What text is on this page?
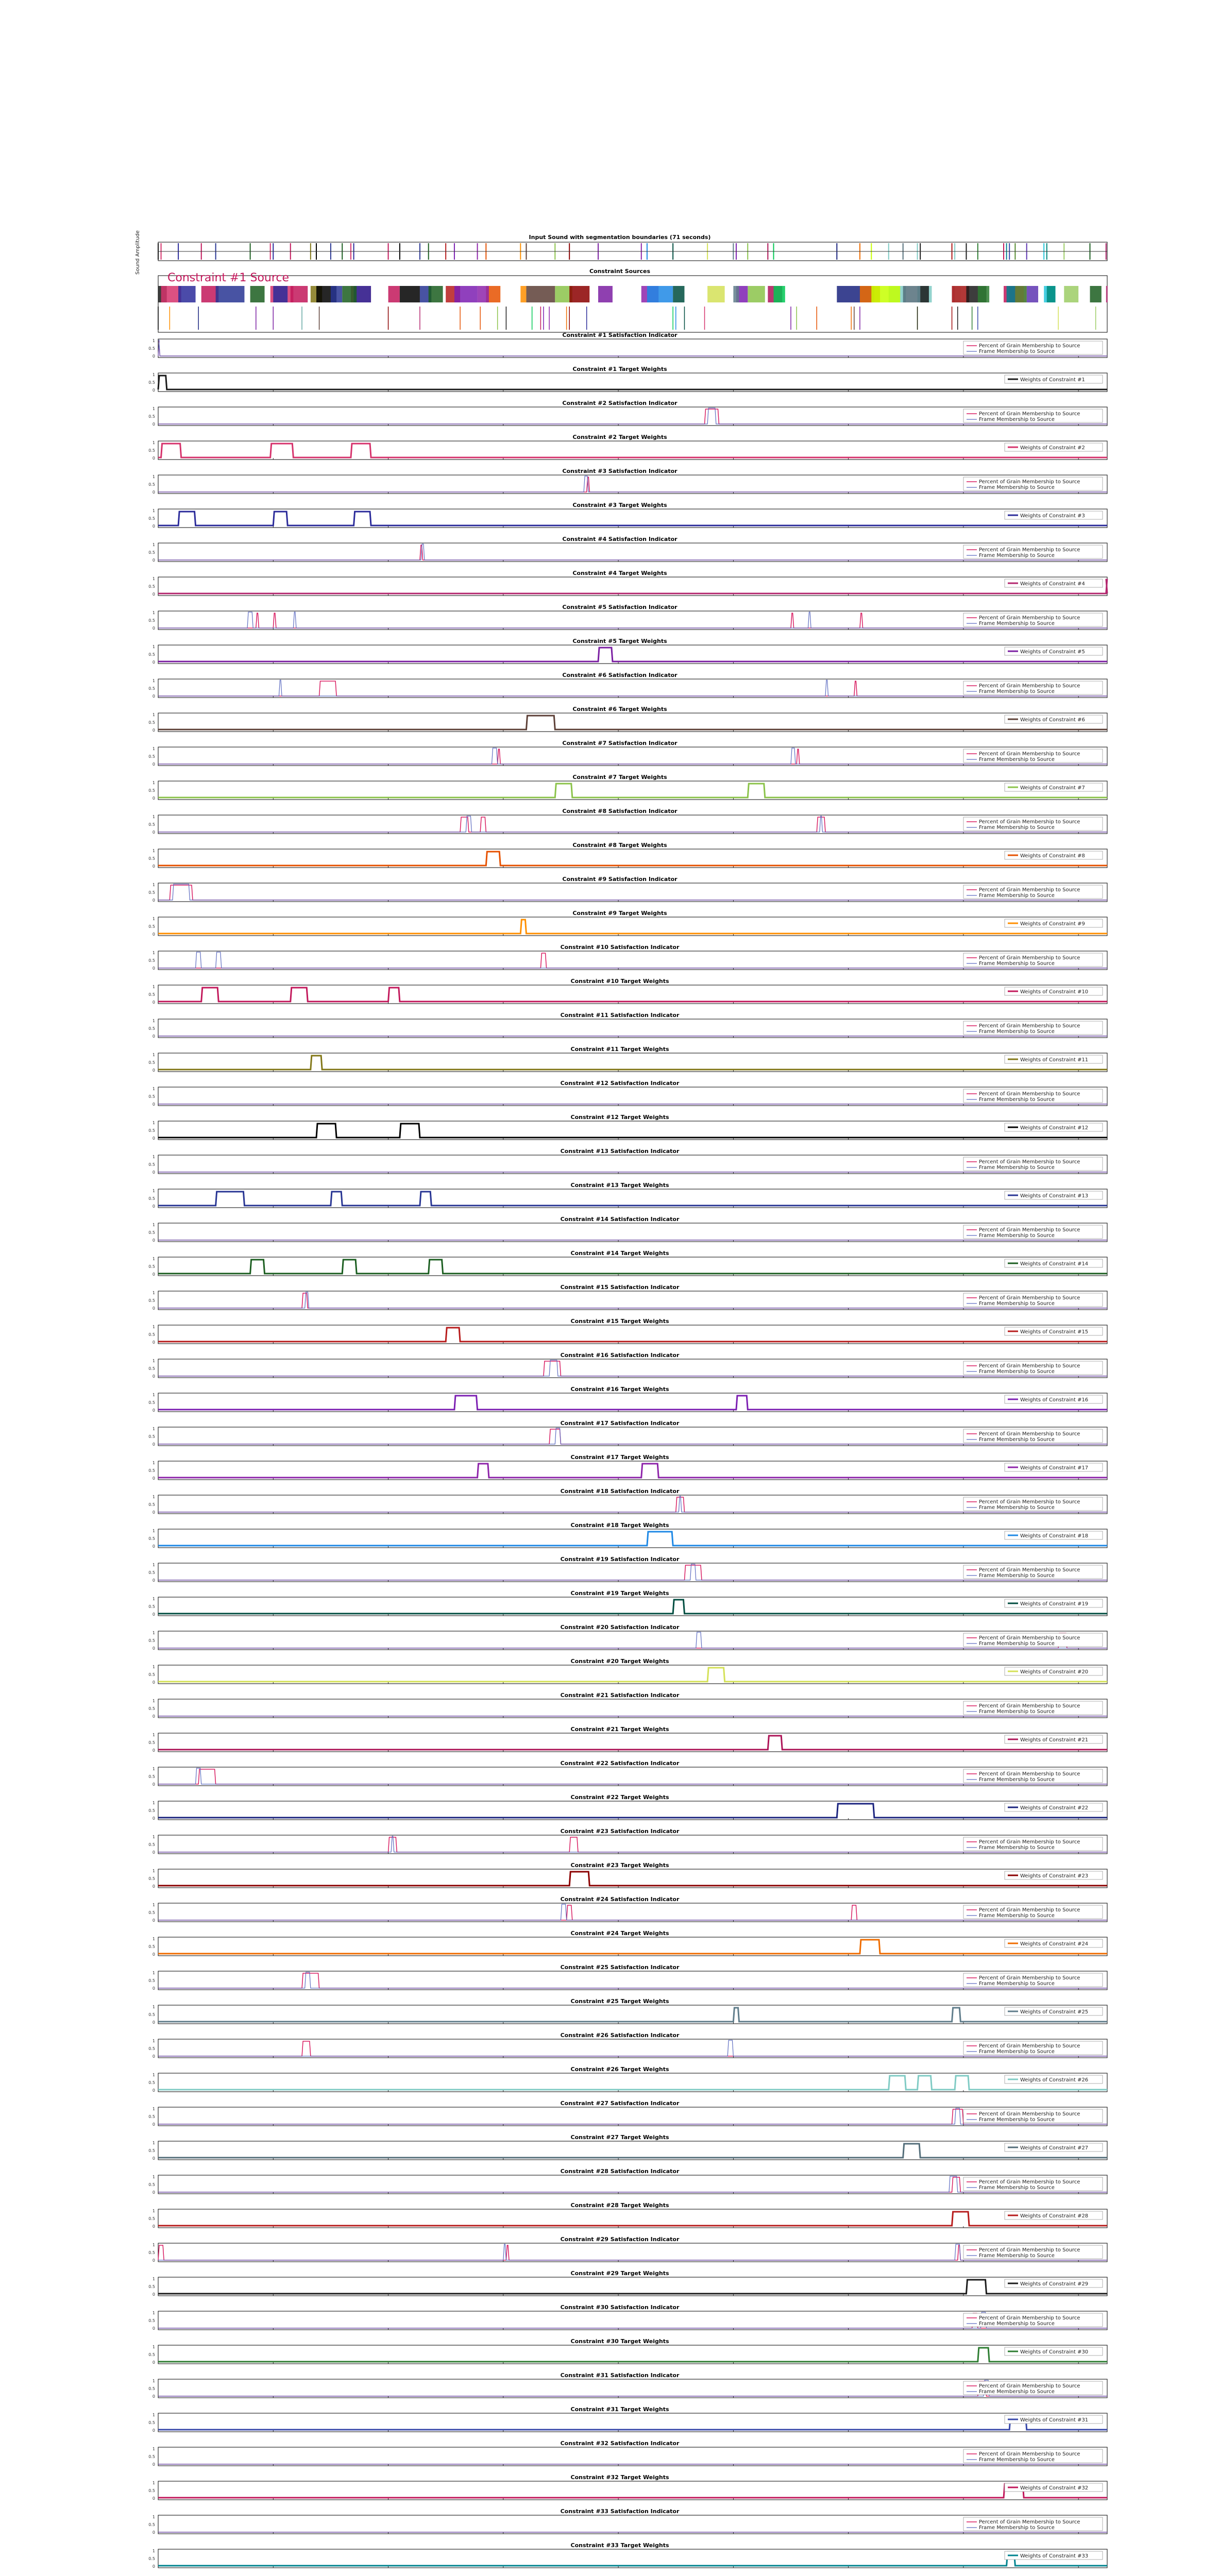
Input Sound with segmentation boundaries (71 seconds)
Sound Amplitude	Constraint Sources
Constraint #1 Source
Constraint #1 Satisfaction Indicator
1
0.5
0
Percent of Grain Membership to Source
Frame Membership to Source
Constraint #1 Target Weights
1
0.5
0
Weights of Constraint #1
Constraint #2 Satisfaction Indicator
1
0.5
0
Percent of Grain Membership to Source
Frame Membership to Source
Constraint #2 Target Weights
1
0.5
0
Weights of Constraint #2
Constraint #3 Satisfaction Indicator
1
0.5
0
Percent of Grain Membership to Source
Frame Membership to Source
Constraint #3 Target Weights
1
0.5
0
Weights of Constraint #3
Constraint #4 Satisfaction Indicator
1
0.5
0
Percent of Grain Membership to Source
Frame Membership to Source
Constraint #4 Target Weights
1
0.5
0
Weights of Constraint #4
Constraint #5 Satisfaction Indicator
1
0.5
0
Percent of Grain Membership to Source
Frame Membership to Source
Constraint #5 Target Weights
1
0.5
0
Weights of Constraint #5
Constraint #6 Satisfaction Indicator
1
0.5
0
Percent of Grain Membership to Source
Frame Membership to Source
Constraint #6 Target Weights
1
0.5
0
Weights of Constraint #6
Constraint #7 Satisfaction Indicator
1
0.5
0
Percent of Grain Membership to Source
Frame Membership to Source
Constraint #7 Target Weights
1
0.5
0
Weights of Constraint #7
Constraint #8 Satisfaction Indicator
1
0.5
0
Percent of Grain Membership to Source
Frame Membership to Source
Constraint #8 Target Weights
1
0.5
0
Weights of Constraint #8
Constraint #9 Satisfaction Indicator
1
0.5
0
Percent of Grain Membership to Source
Frame Membership to Source
Constraint #9 Target Weights
1
0.5
0
Weights of Constraint #9
Constraint #10 Satisfaction Indicator
1
0.5
0
Percent of Grain Membership to Source
Frame Membership to Source
Constraint #10 Target Weights
1
0.5
0
Weights of Constraint #10
Constraint #11 Satisfaction Indicator
1
0.5
0
Percent of Grain Membership to Source
Frame Membership to Source
Constraint #11 Target Weights
1
0.5
0
Weights of Constraint #11
Constraint #12 Satisfaction Indicator
1
0.5
0
Percent of Grain Membership to Source
Frame Membership to Source
Constraint #12 Target Weights
1
0.5
0
Weights of Constraint #12
Constraint #13 Satisfaction Indicator
1
0.5
0
Percent of Grain Membership to Source
Frame Membership to Source
Constraint #13 Target Weights
1
0.5
0
Weights of Constraint #13
Constraint #14 Satisfaction Indicator
1
0.5
0
Percent of Grain Membership to Source
Frame Membership to Source
Constraint #14 Target Weights
1
0.5
0
Weights of Constraint #14
Constraint #15 Satisfaction Indicator
1
0.5
0
Percent of Grain Membership to Source
Frame Membership to Source
Constraint #15 Target Weights
1
0.5
0
Weights of Constraint #15
Constraint #16 Satisfaction Indicator
1
0.5
0
Percent of Grain Membership to Source
Frame Membership to Source
Constraint #16 Target Weights
1
0.5
0
Weights of Constraint #16
Constraint #17 Satisfaction Indicator
1
0.5
0
Percent of Grain Membership to Source
Frame Membership to Source
Constraint #17 Target Weights
1
0.5
0
Weights of Constraint #17
Constraint #18 Satisfaction Indicator
1
0.5
0
Percent of Grain Membership to Source
Frame Membership to Source
Constraint #18 Target Weights
1
0.5
0
Weights of Constraint #18
Constraint #19 Satisfaction Indicator
1
0.5
0
Percent of Grain Membership to Source
Frame Membership to Source
Constraint #19 Target Weights
1
0.5
0
Weights of Constraint #19
Constraint #20 Satisfaction Indicator
1
0.5
0
Percent of Grain Membership to Source
Frame Membership to Source
Constraint #20 Target Weights
1
0.5
0
Weights of Constraint #20
Constraint #21 Satisfaction Indicator
1
0.5
0
Percent of Grain Membership to Source
Frame Membership to Source
Constraint #21 Target Weights
1
0.5
0
Weights of Constraint #21
Constraint #22 Satisfaction Indicator
1
0.5
0
Percent of Grain Membership to Source
Frame Membership to Source
Constraint #22 Target Weights
1
0.5
0
Weights of Constraint #22
Constraint #23 Satisfaction Indicator
1
0.5
0
Percent of Grain Membership to Source
Frame Membership to Source
Constraint #23 Target Weights
1
0.5
0
Weights of Constraint #23
Constraint #24 Satisfaction Indicator
1
0.5
0
Percent of Grain Membership to Source
Frame Membership to Source
Constraint #24 Target Weights
1
0.5
0
Weights of Constraint #24
Constraint #25 Satisfaction Indicator
1
0.5
0
Percent of Grain Membership to Source
Frame Membership to Source
Constraint #25 Target Weights
1
0.5
0
Weights of Constraint #25
Constraint #26 Satisfaction Indicator
1
0.5
0
Percent of Grain Membership to Source
Frame Membership to Source
Constraint #26 Target Weights
1
0.5
0
Weights of Constraint #26
Constraint #27 Satisfaction Indicator
1
0.5
0
Percent of Grain Membership to Source
Frame Membership to Source
Constraint #27 Target Weights
1
0.5
0
Weights of Constraint #27
Constraint #28 Satisfaction Indicator
1
0.5
0
Percent of Grain Membership to Source
Frame Membership to Source
Constraint #28 Target Weights
1
0.5
0
Weights of Constraint #28
Constraint #29 Satisfaction Indicator
1
0.5
0
Percent of Grain Membership to Source
Frame Membership to Source
Constraint #29 Target Weights
1
0.5
0
Weights of Constraint #29
Constraint #30 Satisfaction Indicator
1
0.5
0
Percent of Grain Membership to Source
Frame Membership to Source
Constraint #30 Target Weights
1
0.5
0
Weights of Constraint #30
Constraint #31 Satisfaction Indicator
1
0.5
0
Percent of Grain Membership to Source
Frame Membership to Source
Constraint #31 Target Weights
1
0.5
0
Weights of Constraint #31
Constraint #32 Satisfaction Indicator
1
0.5
0
Percent of Grain Membership to Source
Frame Membership to Source
Constraint #32 Target Weights
1
0.5
0
Weights of Constraint #32
Constraint #33 Satisfaction Indicator
1
0.5
0
Percent of Grain Membership to Source
Frame Membership to Source
Constraint #33 Target Weights
1
0.5
0
Weights of Constraint #33
